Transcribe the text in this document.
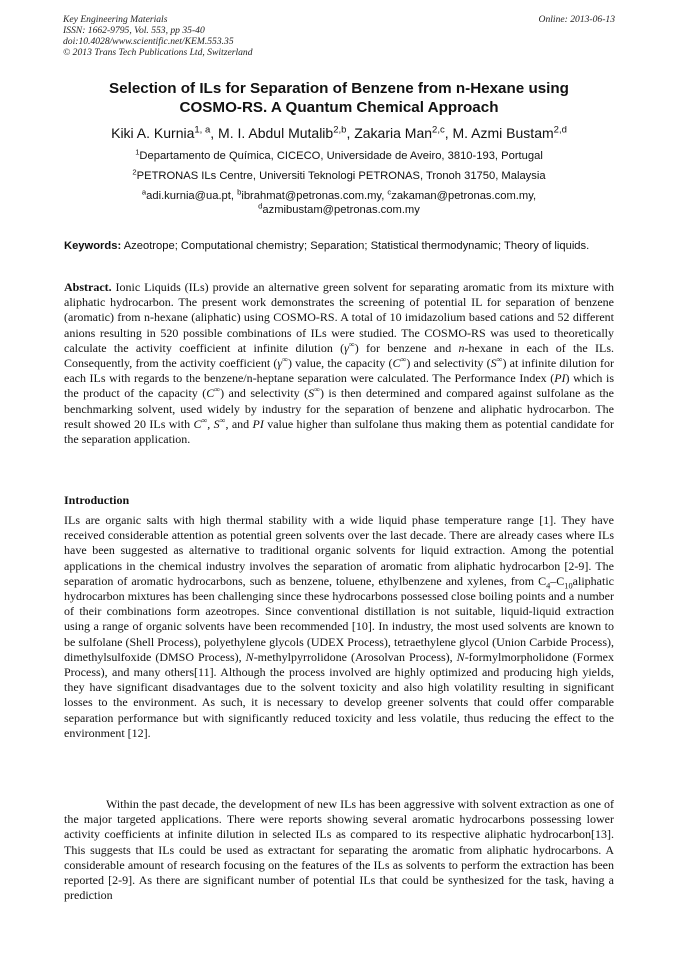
Key Engineering Materials
ISSN: 1662-9795, Vol. 553, pp 35-40
doi:10.4028/www.scientific.net/KEM.553.35
© 2013 Trans Tech Publications Ltd, Switzerland
Online: 2013-06-13
Selection of ILs for Separation of Benzene from n-Hexane using
COSMO-RS. A Quantum Chemical Approach
Kiki A. Kurnia$^{1, a}$, M. I. Abdul Mutalib$^{2,b}$, Zakaria Man$^{2,c}$, M. Azmi Bustam$^{2,d}$
$^1$Departamento de Química, CICECO, Universidade de Aveiro, 3810-193, Portugal
$^2$PETRONAS ILs Centre, Universiti Teknologi PETRONAS, Tronoh 31750, Malaysia
$^a$adi.kurnia@ua.pt, $^b$ibrahmat@petronas.com.my, $^c$zakaman@petronas.com.my,
$^d$azmibustam@petronas.com.my
Keywords: Azeotrope; Computational chemistry; Separation; Statistical thermodynamic; Theory of liquids.
Abstract. Ionic Liquids (ILs) provide an alternative green solvent for separating aromatic from its mixture with aliphatic hydrocarbon. The present work demonstrates the screening of potential IL for separation of benzene (aromatic) from n-hexane (aliphatic) using COSMO-RS. A total of 10 imidazolium based cations and 52 different anions resulting in 520 possible combinations of ILs were studied. The COSMO-RS was used to theoretically calculate the activity coefficient at infinite dilution (γ∞) for benzene and n-hexane in each of the ILs. Consequently, from the activity coefficient (γ∞) value, the capacity (C∞) and selectivity (S∞) at infinite dilution for each ILs with regards to the benzene/n-heptane separation were calculated. The Performance Index (PI) which is the product of the capacity (C∞) and selectivity (S∞) is then determined and compared against sulfolane as the benchmarking solvent, used widely by industry for the separation of benzene and aliphatic hydrocarbon. The result showed 20 ILs with C∞, S∞, and PI value higher than sulfolane thus making them as potential candidate for the separation application.
Introduction
ILs are organic salts with high thermal stability with a wide liquid phase temperature range [1]. They have received considerable attention as potential green solvents over the last decade. There are already cases where ILs have been suggested as alternative to traditional organic solvents for liquid extraction. Among the potential applications in the chemical industry involves the separation of aromatic from aliphatic hydrocarbon [2-9]. The separation of aromatic hydrocarbons, such as benzene, toluene, ethylbenzene and xylenes, from $C_4-C_{10}aliphatic$ hydrocarbon mixtures has been challenging since these hydrocarbons possessed close boiling points and a number of their combinations form azeotropes. Since conventional distillation is not suitable, liquid-liquid extraction using a range of organic solvents have been recommended [10]. In industry, the most used solvents are known to be sulfolane (Shell Process), polyethylene glycols (UDEX Process), tetraethylene glycol (Union Carbide Process), dimethylsulfoxide (DMSO Process), N-methylpyrrolidone (Arosolvan Process), N-formylmorpholidone (Formex Process), and many others[11]. Although the process involved are highly optimized and producing high yields, they have significant disadvantages due to the solvent toxicity and also high volatility resulting in significant losses to the environment. As such, it is necessary to develop greener solvents that could offer comparable separation performance but with significantly reduced toxicity and less volatile, thus reducing the effect to the environment [12].
Within the past decade, the development of new ILs has been aggressive with solvent extraction as one of the major targeted applications. There were reports showing several aromatic hydrocarbons possessing lower activity coefficients at infinite dilution in selected ILs as compared to its respective aliphatic hydrocarbon[13]. This suggests that ILs could be used as extractant for separating the aromatic from aliphatic hydrocarbons. A considerable amount of research focusing on the features of the ILs as solvents to perform the extraction has been reported [2-9]. As there are significant number of potential ILs that could be synthesized for the task, having a prediction
